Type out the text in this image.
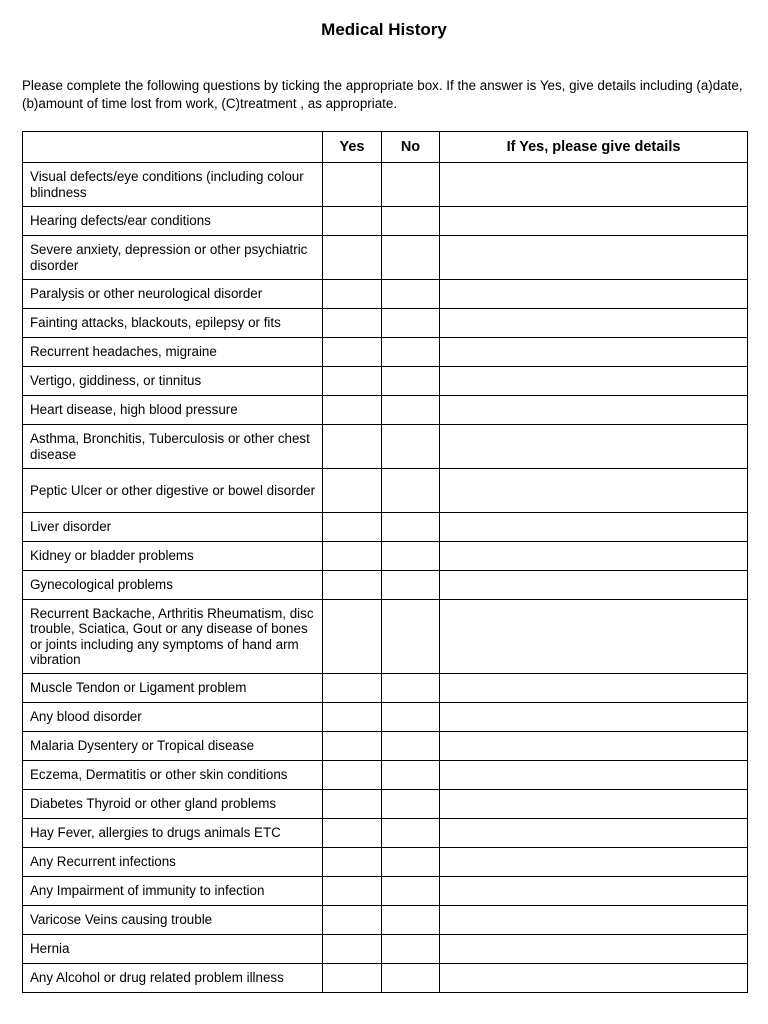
Medical History
Please complete the following questions by ticking the appropriate box. If the answer is Yes, give details including (a)date, (b)amount of time lost from work, (C)treatment , as appropriate.
	Yes	No	If Yes, please give details
Visual defects/eye conditions (including colour blindness			
Hearing defects/ear conditions			
Severe anxiety, depression or other psychiatric disorder			
Paralysis or other neurological disorder			
Fainting attacks, blackouts, epilepsy or fits			
Recurrent headaches, migraine			
Vertigo, giddiness, or tinnitus			
Heart disease, high blood pressure			
Asthma, Bronchitis, Tuberculosis or other chest disease			
Peptic Ulcer or other digestive or bowel disorder			
Liver disorder			
Kidney or bladder problems			
Gynecological problems			
Recurrent Backache, Arthritis Rheumatism, disc trouble, Sciatica, Gout or any disease of bones or joints including any symptoms of hand arm vibration			
Muscle Tendon or Ligament problem			
Any blood disorder			
Malaria Dysentery or Tropical disease			
Eczema, Dermatitis or other skin conditions			
Diabetes Thyroid or other gland problems			
Hay Fever, allergies to drugs animals ETC			
Any Recurrent infections			
Any Impairment of immunity to infection			
Varicose Veins causing trouble			
Hernia			
Any Alcohol or drug related problem illness			
